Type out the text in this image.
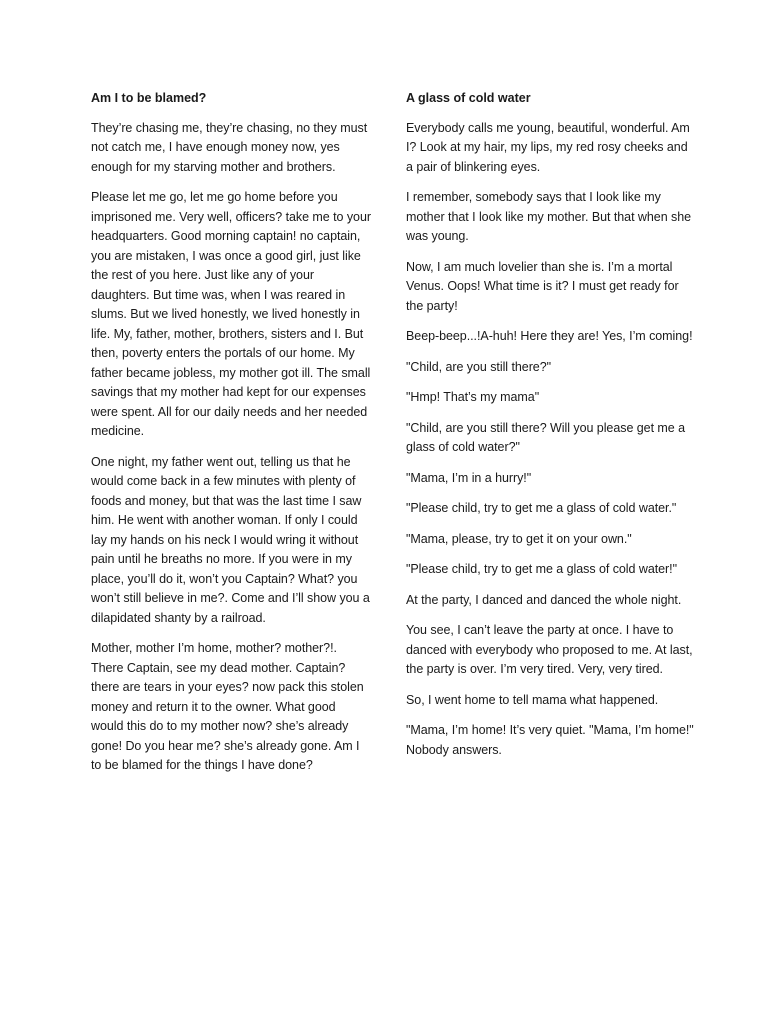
Am I to be blamed?

They’re chasing me, they’re chasing, no they must not catch me, I have enough money now, yes enough for my starving mother and brothers.

Please let me go, let me go home before you imprisoned me. Very well, officers? take me to your headquarters. Good morning captain! no captain, you are mistaken, I was once a good girl, just like the rest of you here. Just like any of your daughters. But time was, when I was reared in slums. But we lived honestly, we lived honestly in life. My, father, mother, brothers, sisters and I. But then, poverty enters the portals of our home. My father became jobless, my mother got ill. The small savings that my mother had kept for our expenses were spent. All for our daily needs and her needed medicine.

One night, my father went out, telling us that he would come back in a few minutes with plenty of foods and money, but that was the last time I saw him. He went with another woman. If only I could lay my hands on his neck I would wring it without pain until he breaths no more. If you were in my place, you’ll do it, won’t you Captain? What? you won’t still believe in me?. Come and I’ll show you a dilapidated shanty by a railroad.

Mother, mother I’m home, mother? mother?!. There Captain, see my dead mother. Captain? there are tears in your eyes? now pack this stolen money and return it to the owner. What good would this do to my mother now? she’s already gone! Do you hear me? she’s already gone. Am I to be blamed for the things I have done?

A glass of cold water

Everybody calls me young, beautiful, wonderful. Am I? Look at my hair, my lips, my red rosy cheeks and a pair of blinkering eyes.

I remember, somebody says that I look like my mother that I look like my mother. But that when she was young.

Now, I am much lovelier than she is. I’m a mortal Venus. Oops! What time is it? I must get ready for the party!

Beep-beep...!A-huh! Here they are! Yes, I’m coming!

"Child, are you still there?"

"Hmp! That’s my mama"

"Child, are you still there? Will you please get me a glass of cold water?"

"Mama, I’m in a hurry!"

"Please child, try to get me a glass of cold water."

"Mama, please, try to get it on your own."

"Please child, try to get me a glass of cold water!"

At the party, I danced and danced the whole night.

You see, I can’t leave the party at once. I have to danced with everybody who proposed to me. At last, the party is over. I’m very tired. Very, very tired.

So, I went home to tell mama what happened.

"Mama, I’m home! It’s very quiet. "Mama, I’m home!" Nobody answers.
